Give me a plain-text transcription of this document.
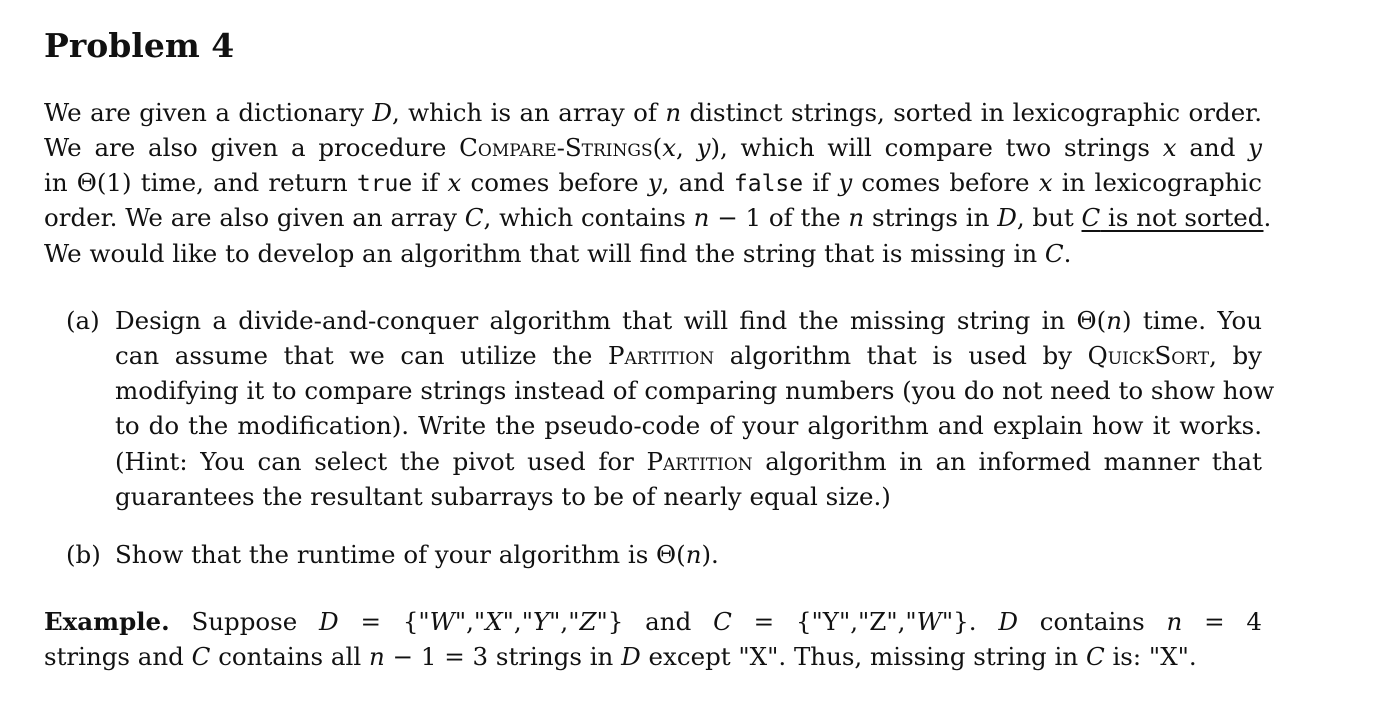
Problem 4
We are given a dictionary D, which is an array of n distinct strings, sorted in lexicographic order.
We are also given a procedure Compare-Strings(x, y), which will compare two strings x and y
in Θ(1) time, and return true if x comes before y, and false if y comes before x in lexicographic
order. We are also given an array C, which contains n − 1 of the n strings in D, but C is not sorted.
We would like to develop an algorithm that will find the string that is missing in C.
(a) Design a divide-and-conquer algorithm that will find the missing string in Θ(n) time. You
can assume that we can utilize the Partition algorithm that is used by QuickSort, by
modifying it to compare strings instead of comparing numbers (you do not need to show how
to do the modification). Write the pseudo-code of your algorithm and explain how it works.
(Hint: You can select the pivot used for Partition algorithm in an informed manner that
guarantees the resultant subarrays to be of nearly equal size.)
(b) Show that the runtime of your algorithm is Θ(n).
Example. Suppose D = {"W","X","Y","Z"} and C = {"Y","Z","W"}. D contains n = 4
strings and C contains all n − 1 = 3 strings in D except "X". Thus, missing string in C is: "X".
